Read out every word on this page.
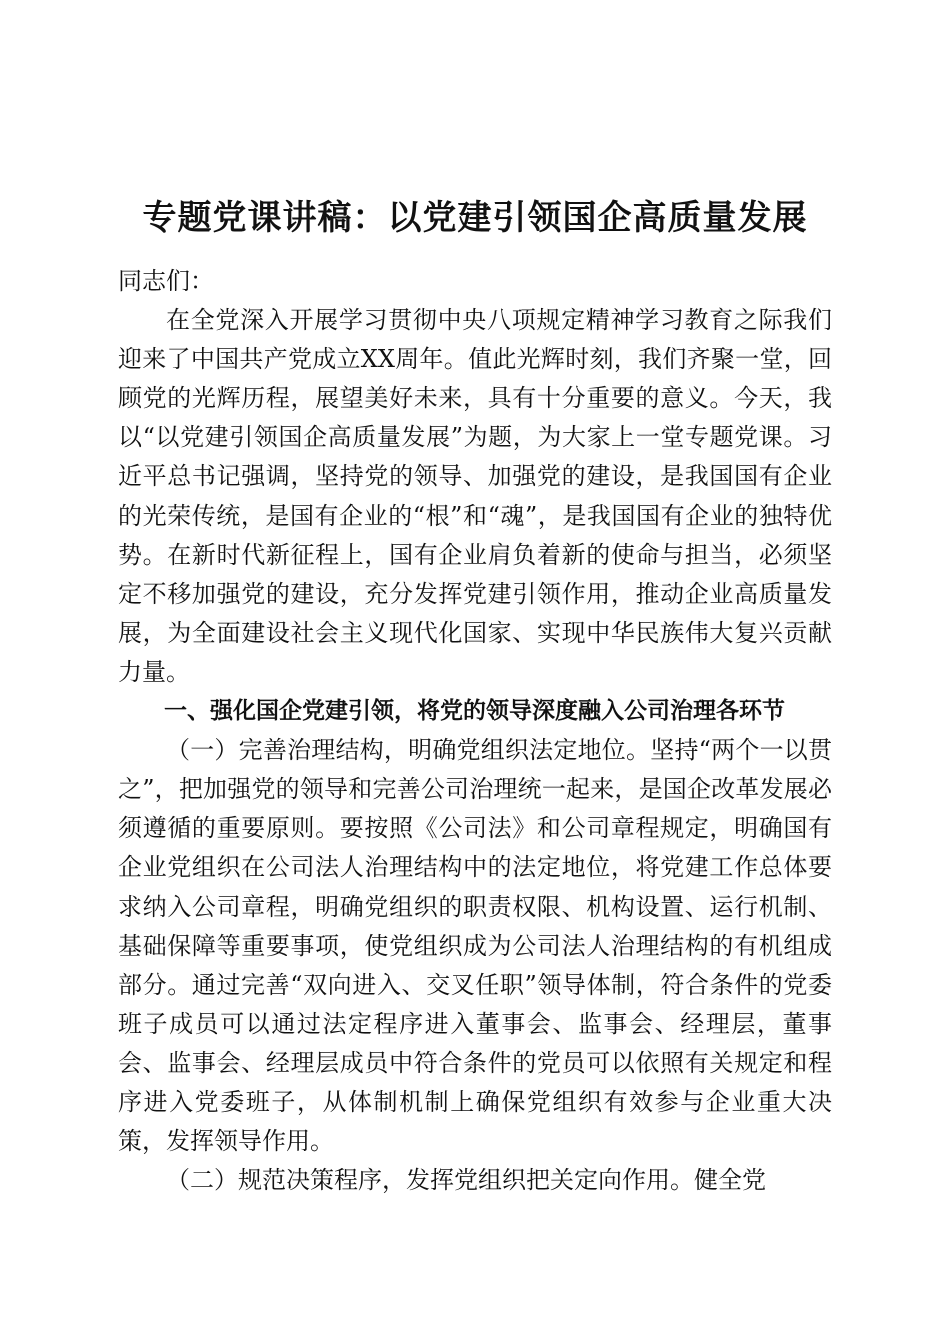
专题党课讲稿：以党建引领国企高质量发展

同志们：

在全党深入开展学习贯彻中央八项规定精神学习教育之际我们迎来了中国共产党成立XX周年。值此光辉时刻，我们齐聚一堂，回顾党的光辉历程，展望美好未来，具有十分重要的意义。今天，我以“以党建引领国企高质量发展”为题，为大家上一堂专题党课。习近平总书记强调，坚持党的领导、加强党的建设，是我国国有企业的光荣传统，是国有企业的“根”和“魂”，是我国国有企业的独特优势。在新时代新征程上，国有企业肩负着新的使命与担当，必须坚定不移加强党的建设，充分发挥党建引领作用，推动企业高质量发展，为全面建设社会主义现代化国家、实现中华民族伟大复兴贡献力量。

一、强化国企党建引领，将党的领导深度融入公司治理各环节

（一）完善治理结构，明确党组织法定地位。坚持“两个一以贯之”，把加强党的领导和完善公司治理统一起来，是国企改革发展必须遵循的重要原则。要按照《公司法》和公司章程规定，明确国有企业党组织在公司法人治理结构中的法定地位，将党建工作总体要求纳入公司章程，明确党组织的职责权限、机构设置、运行机制、基础保障等重要事项，使党组织成为公司法人治理结构的有机组成部分。通过完善“双向进入、交叉任职”领导体制，符合条件的党委班子成员可以通过法定程序进入董事会、监事会、经理层，董事会、监事会、经理层成员中符合条件的党员可以依照有关规定和程序进入党委班子，从体制机制上确保党组织有效参与企业重大决策，发挥领导作用。

（二）规范决策程序，发挥党组织把关定向作用。健全党
